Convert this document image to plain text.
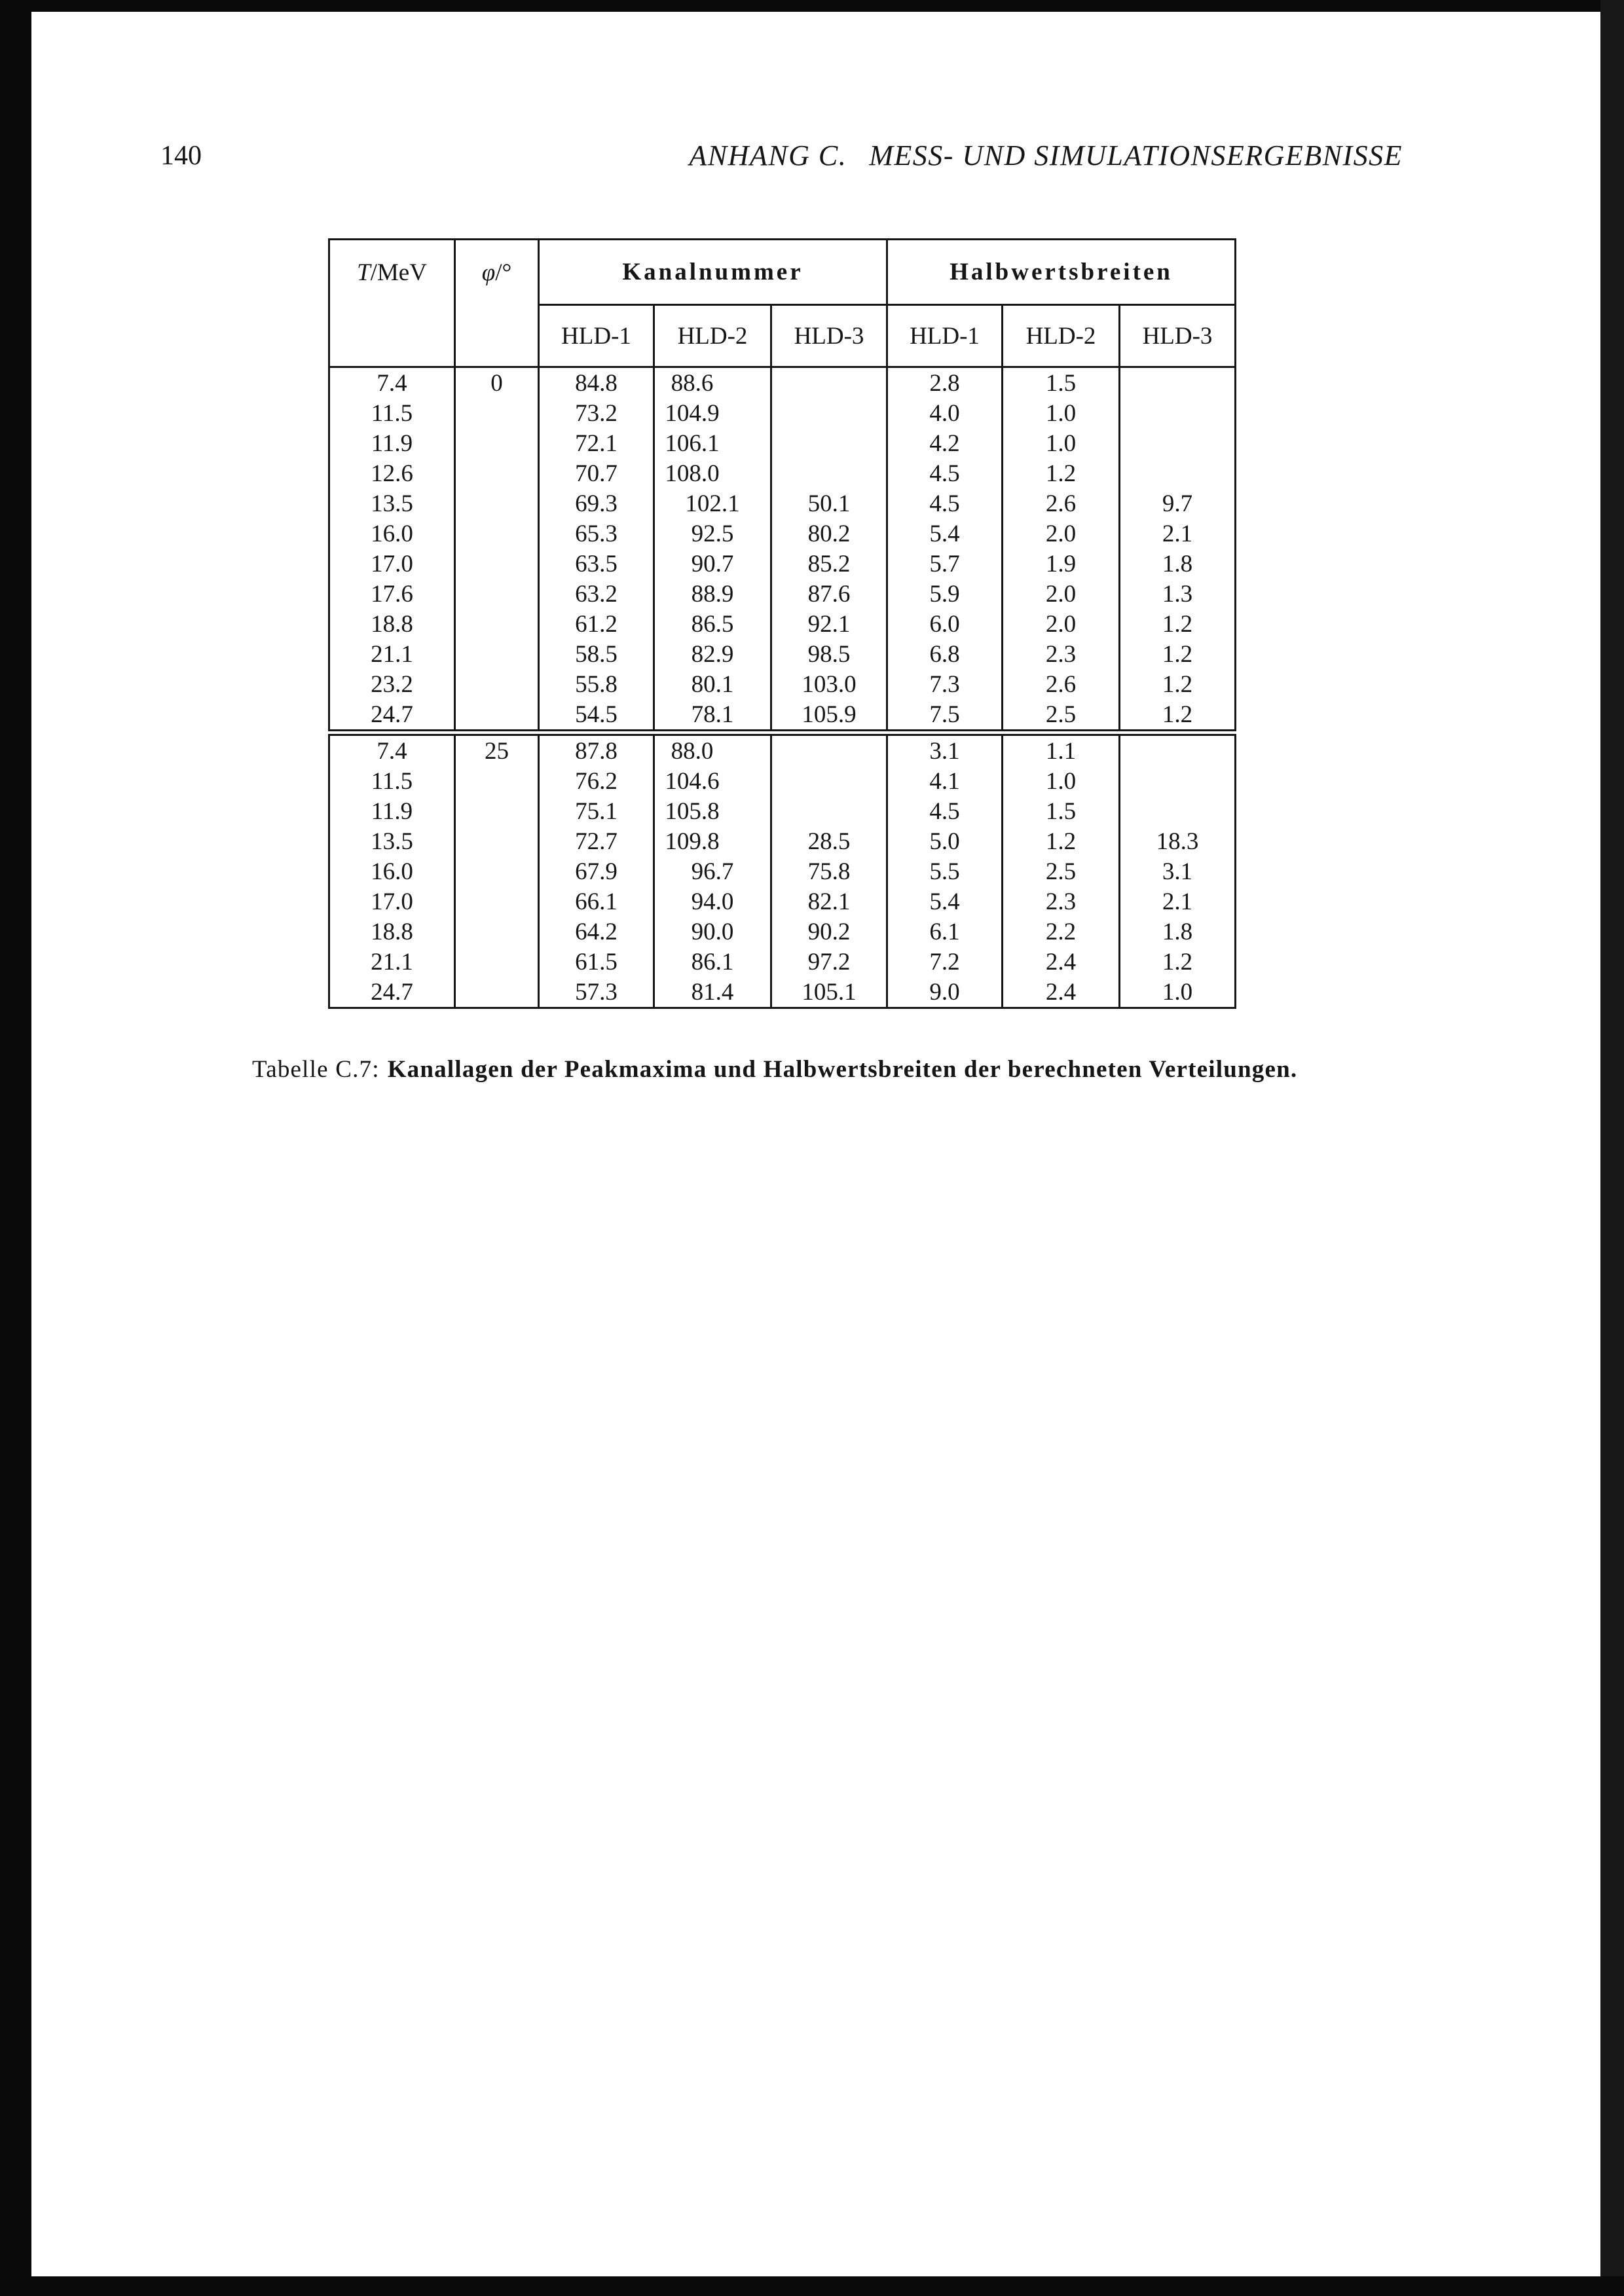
140	ANHANG C. MESS- UND SIMULATIONSERGEBNISSE
T/MeV	φ/°	Kanalnummer			Halbwertsbreiten		
		HLD-1	HLD-2	HLD-3	HLD-1	HLD-2	HLD-3
7.4	0	84.8	88.6		2.8	1.5	
11.5		73.2	104.9		4.0	1.0	
11.9		72.1	106.1		4.2	1.0	
12.6		70.7	108.0		4.5	1.2	
13.5		69.3	102.1	50.1	4.5	2.6	9.7
16.0		65.3	92.5	80.2	5.4	2.0	2.1
17.0		63.5	90.7	85.2	5.7	1.9	1.8
17.6		63.2	88.9	87.6	5.9	2.0	1.3
18.8		61.2	86.5	92.1	6.0	2.0	1.2
21.1		58.5	82.9	98.5	6.8	2.3	1.2
23.2		55.8	80.1	103.0	7.3	2.6	1.2
24.7		54.5	78.1	105.9	7.5	2.5	1.2
7.4	25	87.8	88.0		3.1	1.1	
11.5		76.2	104.6		4.1	1.0	
11.9		75.1	105.8		4.5	1.5	
13.5		72.7	109.8	28.5	5.0	1.2	18.3
16.0		67.9	96.7	75.8	5.5	2.5	3.1
17.0		66.1	94.0	82.1	5.4	2.3	2.1
18.8		64.2	90.0	90.2	6.1	2.2	1.8
21.1		61.5	86.1	97.2	7.2	2.4	1.2
24.7		57.3	81.4	105.1	9.0	2.4	1.0

Tabelle C.7: Kanallagen der Peakmaxima und Halbwertsbreiten der berechneten Verteilungen.
